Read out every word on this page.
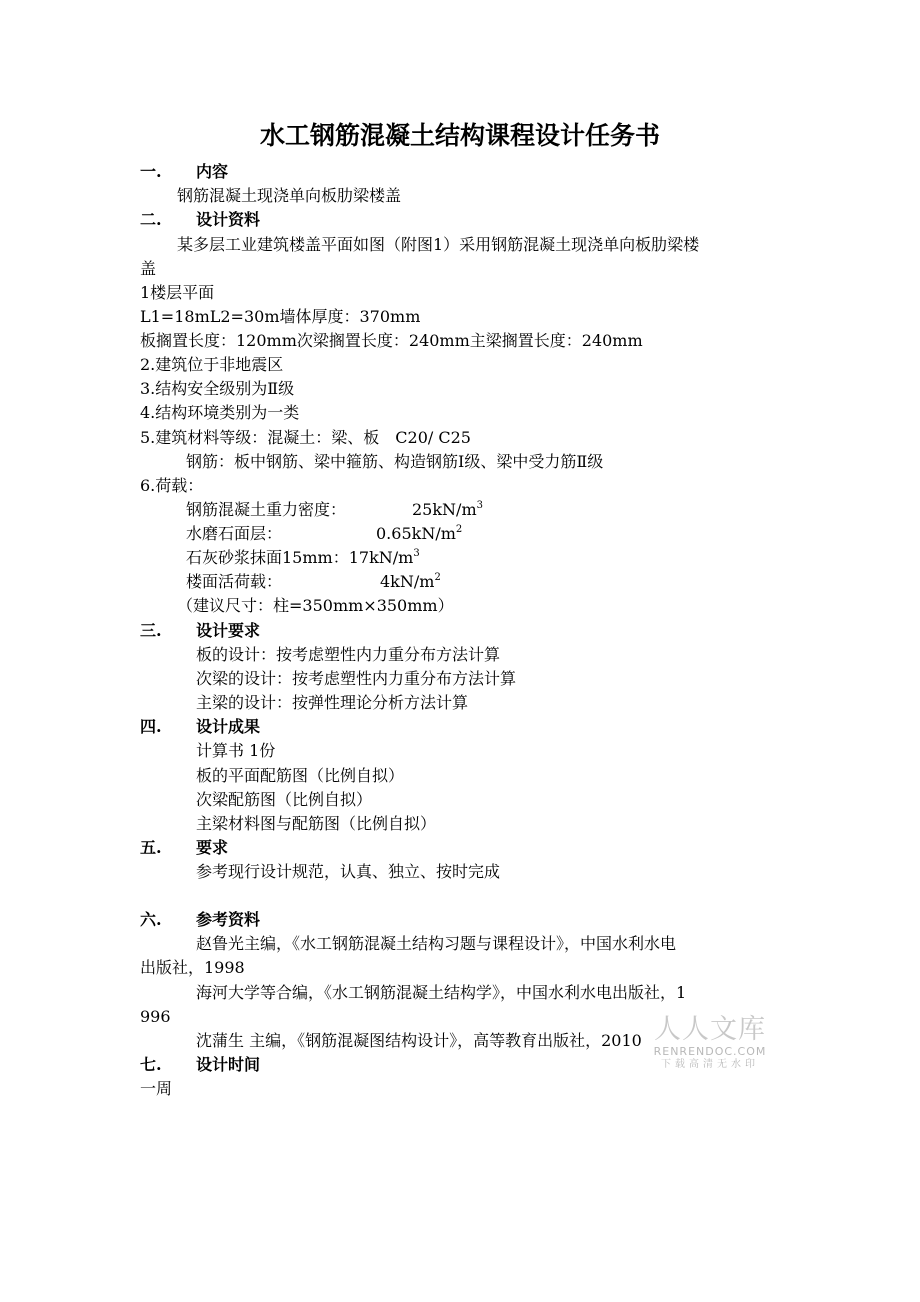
水工钢筋混凝土结构课程设计任务书
一. 内容
钢筋混凝土现浇单向板肋梁楼盖
二. 设计资料
某多层工业建筑楼盖平面如图（附图1）采用钢筋混凝土现浇单向板肋梁楼
盖
1楼层平面
L1=18mL2=30m墙体厚度：370mm
板搁置长度：120mm次梁搁置长度：240mm主梁搁置长度：240mm
2.建筑位于非地震区
3.结构安全级别为Ⅱ级
4.结构环境类别为一类
5.建筑材料等级：混凝土：梁、板　C20/ C25
钢筋：板中钢筋、梁中箍筋、构造钢筋Ⅰ级、梁中受力筋Ⅱ级
6.荷载：
钢筋混凝土重力密度：	$25kN/m^3$
水磨石面层：	$0.65kN/m^2$
石灰砂浆抹面15mm：$17kN/m^3$
楼面活荷载：	$4kN/m^2$
（建议尺寸：柱=350mm×350mm）
三. 设计要求
板的设计：按考虑塑性内力重分布方法计算
次梁的设计：按考虑塑性内力重分布方法计算
主梁的设计：按弹性理论分析方法计算
四. 设计成果
计算书 1份
板的平面配筋图（比例自拟）
次梁配筋图（比例自拟）
主梁材料图与配筋图（比例自拟）
五. 要求
参考现行设计规范，认真、独立、按时完成
六. 参考资料
赵鲁光主编，《水工钢筋混凝土结构习题与课程设计》，中国水利水电
出版社，1998
海河大学等合编，《水工钢筋混凝土结构学》，中国水利水电出版社，1
996
沈蒲生 主编，《钢筋混凝图结构设计》，高等教育出版社，2010
七. 设计时间
一周
人人文库
RENRENDOC.COM
下载高清无水印
